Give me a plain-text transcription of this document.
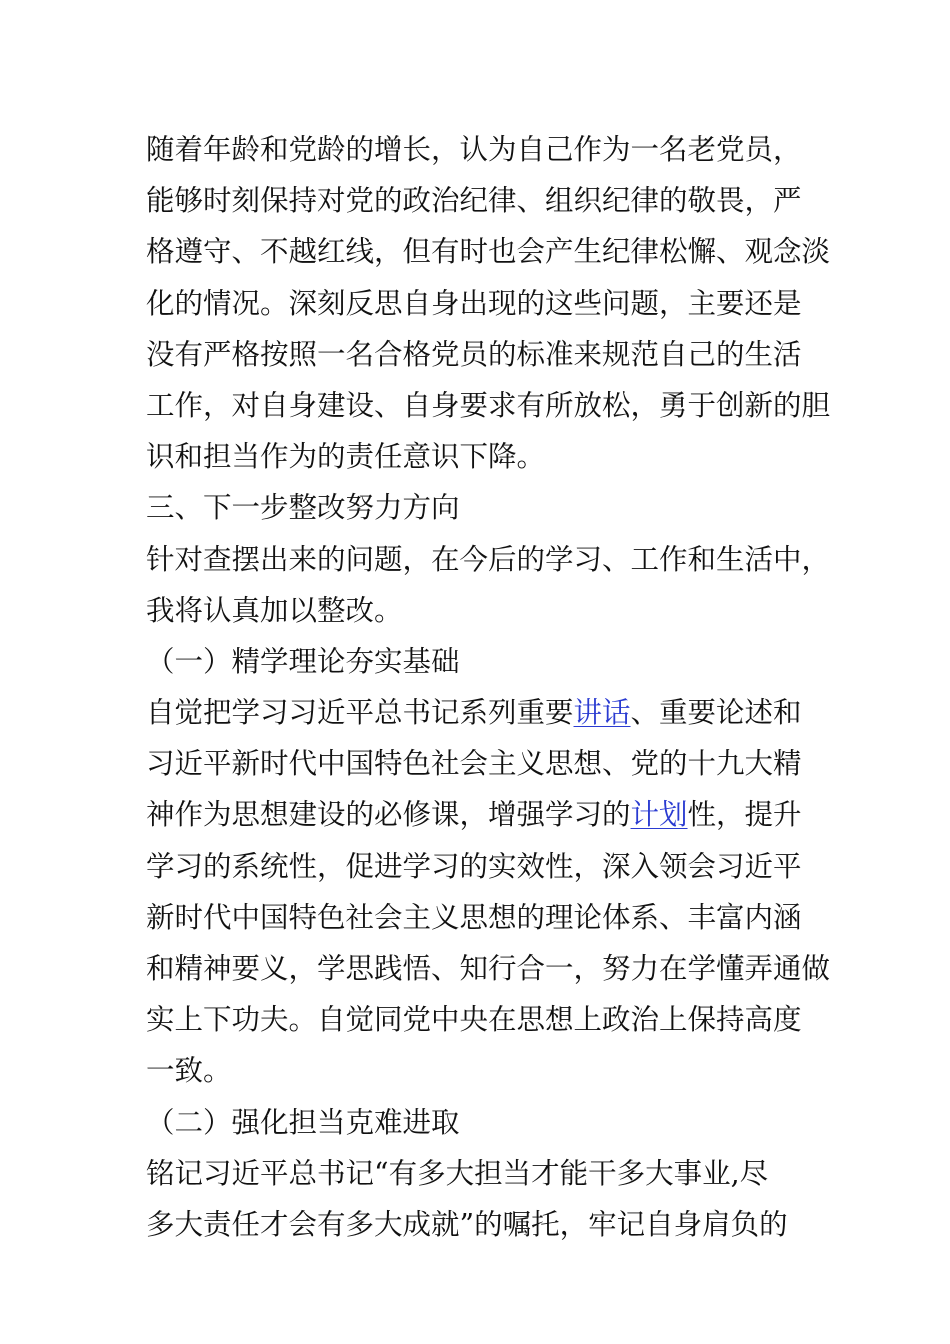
随着年龄和党龄的增长，认为自己作为一名老党员，
能够时刻保持对党的政治纪律、组织纪律的敬畏，严
格遵守、不越红线，但有时也会产生纪律松懈、观念淡
化的情况。深刻反思自身出现的这些问题，主要还是
没有严格按照一名合格党员的标准来规范自己的生活
工作，对自身建设、自身要求有所放松，勇于创新的胆
识和担当作为的责任意识下降。
三、下一步整改努力方向
针对查摆出来的问题，在今后的学习、工作和生活中，
我将认真加以整改。
（一）精学理论夯实基础
自觉把学习习近平总书记系列重要讲话、重要论述和
习近平新时代中国特色社会主义思想、党的十九大精
神作为思想建设的必修课，增强学习的计划性，提升
学习的系统性，促进学习的实效性，深入领会习近平
新时代中国特色社会主义思想的理论体系、丰富内涵
和精神要义，学思践悟、知行合一，努力在学懂弄通做
实上下功夫。自觉同党中央在思想上政治上保持高度
一致。
（二）强化担当克难进取
铭记习近平总书记“有多大担当才能干多大事业,尽
多大责任才会有多大成就”的嘱托，牢记自身肩负的
